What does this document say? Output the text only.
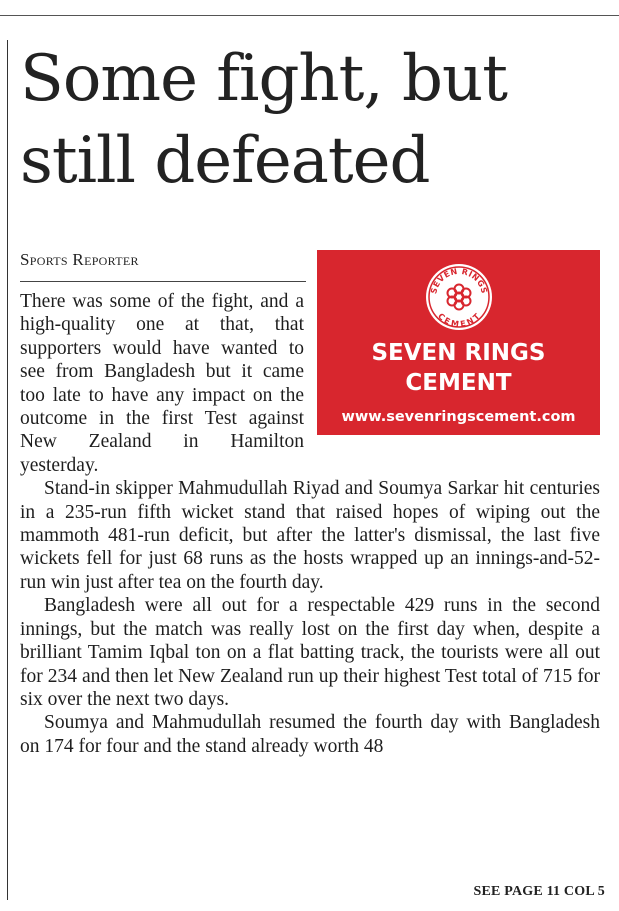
Some fight, but
still defeated
Sports Reporter
SEVEN RINGS
CEMENT
SEVEN RINGS
CEMENT
www.sevenringscement.com

There was some of the fight, and a high-quality one at that, that supporters would have wanted to see from Bangladesh but it came too late to have any impact on the outcome in the first Test against New Zealand in Hamilton yesterday.

Stand-in skipper Mahmudullah Riyad and Soumya Sarkar hit centuries in a 235-run fifth wicket stand that raised hopes of wiping out the mammoth 481-run deficit, but after the latter's dismissal, the last five wickets fell for just 68 runs as the hosts wrapped up an innings-and-52-run win just after tea on the fourth day.

Bangladesh were all out for a respectable 429 runs in the second innings, but the match was really lost on the first day when, despite a brilliant Tamim Iqbal ton on a flat batting track, the tourists were all out for 234 and then let New Zealand run up their highest Test total of 715 for six over the next two days.

Soumya and Mahmudullah resumed the fourth day with Bangladesh on 174 for four and the stand already worth 48

SEE PAGE 11 COL 5
